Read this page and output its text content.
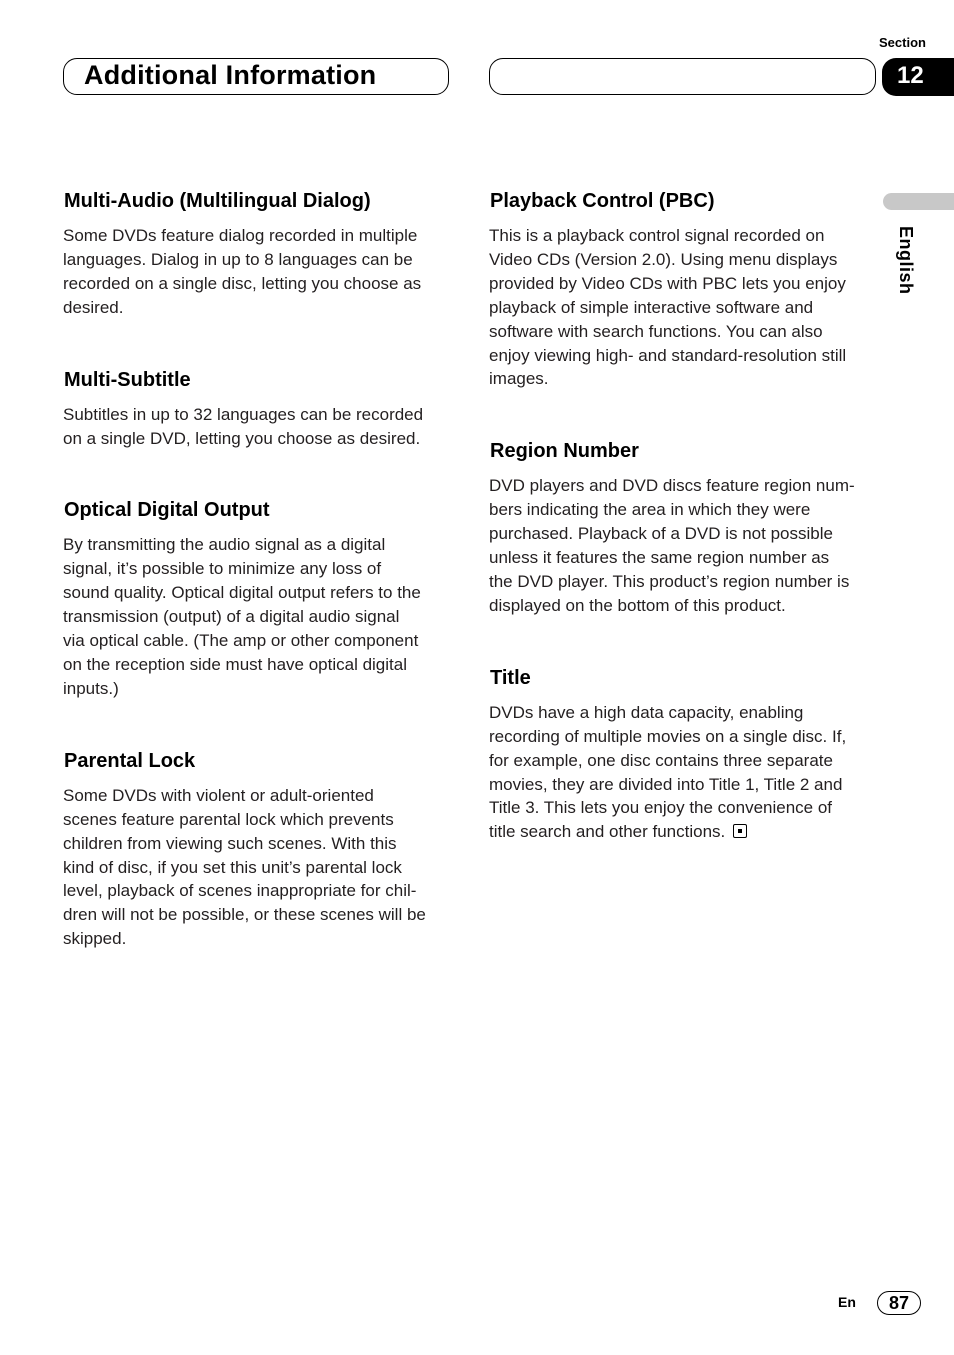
Section
Additional Information	12
English
Multi-Audio (Multilingual Dialog)

Some DVDs feature dialog recorded in multiple
languages. Dialog in up to 8 languages can be
recorded on a single disc, letting you choose as
desired.

Multi-Subtitle

Subtitles in up to 32 languages can be recorded
on a single DVD, letting you choose as desired.

Optical Digital Output

By transmitting the audio signal as a digital
signal, it’s possible to minimize any loss of
sound quality. Optical digital output refers to the
transmission (output) of a digital audio signal
via optical cable. (The amp or other component
on the reception side must have optical digital
inputs.)

Parental Lock

Some DVDs with violent or adult-oriented
scenes feature parental lock which prevents
children from viewing such scenes. With this
kind of disc, if you set this unit’s parental lock
level, playback of scenes inappropriate for chil-
dren will not be possible, or these scenes will be
skipped.

Playback Control (PBC)

This is a playback control signal recorded on
Video CDs (Version 2.0). Using menu displays
provided by Video CDs with PBC lets you enjoy
playback of simple interactive software and
software with search functions. You can also
enjoy viewing high- and standard-resolution still
images.

Region Number

DVD players and DVD discs feature region num-
bers indicating the area in which they were
purchased. Playback of a DVD is not possible
unless it features the same region number as
the DVD player. This product’s region number is
displayed on the bottom of this product.

Title

DVDs have a high data capacity, enabling
recording of multiple movies on a single disc. If,
for example, one disc contains three separate
movies, they are divided into Title 1, Title 2 and
Title 3. This lets you enjoy the convenience of
title search and other functions.

En	87
